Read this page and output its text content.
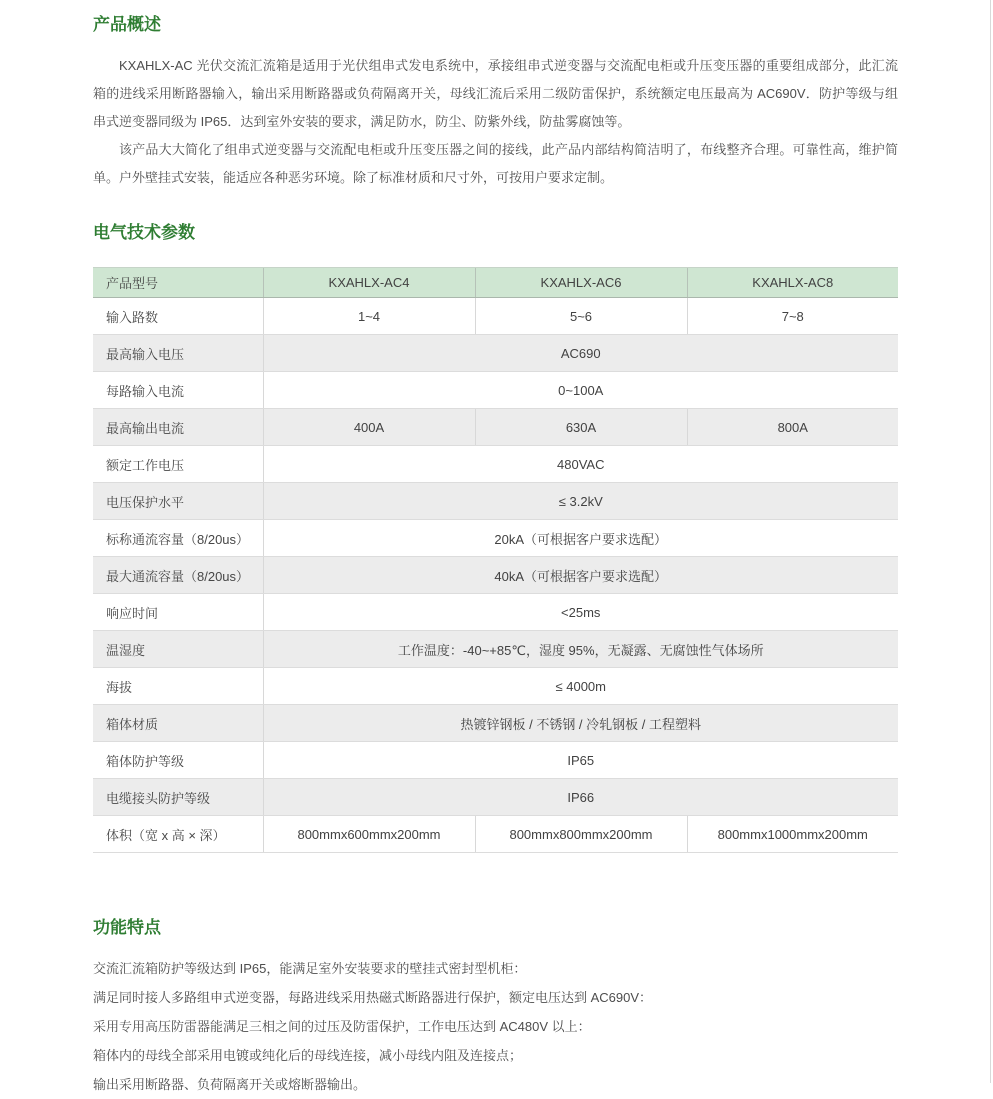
产品概述

KXAHLX-AC 光伏交流汇流箱是适用于光伏组串式发电系统中，承接组串式逆变器与交流配电柜或升压变压器的重要组成部分，此汇流箱的进线采用断路器输入，输出采用断路器或负荷隔离开关，母线汇流后采用二级防雷保护，系统额定电压最高为 AC690V．防护等级与组串式逆变器同级为 IP65．达到室外安装的要求，满足防水，防尘、防紫外线，防盐雾腐蚀等。

该产品大大简化了组串式逆变器与交流配电柜或升压变压器之间的接线，此产品内部结构简洁明了，布线整齐合理。可靠性高，维护简单。户外壁挂式安装，能适应各种恶劣环境。除了标准材质和尺寸外，可按用户要求定制。

电气技术参数
产品型号	KXAHLX-AC4	KXAHLX-AC6	KXAHLX-AC8
输入路数	1~4	5~6	7~8
最高输入电压	AC690		
每路输入电流	0~100A		
最高输出电流	400A	630A	800A
额定工作电压	480VAC		
电压保护水平	≤ 3.2kV		
标称通流容量（8/20us）	20kA（可根据客户要求选配）		
最大通流容量（8/20us）	40kA（可根据客户要求选配）		
响应时间	<25ms		
温湿度	工作温度：-40~+85℃，湿度 95%，无凝露、无腐蚀性气体场所		
海拔	≤ 4000m		
箱体材质	热镀锌钢板 / 不锈钢 / 冷轧钢板 / 工程塑料		
箱体防护等级	IP65		
电缆接头防护等级	IP66		
体积（宽 x 高 × 深）	800mmx600mmx200mm	800mmx800mmx200mm	800mmx1000mmx200mm
功能特点
交流汇流箱防护等级达到 IP65，能满足室外安装要求的壁挂式密封型机柜：
满足同时接人多路组申式逆变器，每路进线采用热磁式断路器进行保护，额定电压达到 AC690V：
采用专用高压防雷器能满足三相之间的过压及防雷保护，工作电压达到 AC480V 以上：
箱体内的母线全部采用电镀或纯化后的母线连接，减小母线内阻及连接点；
输出采用断路器、负荷隔离开关或熔断器输出。
